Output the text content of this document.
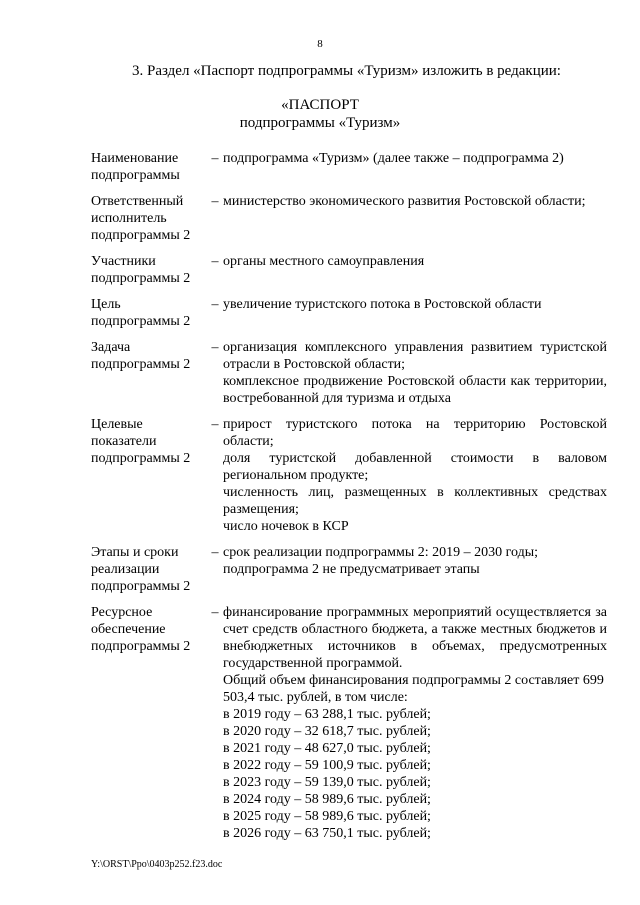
8
3. Раздел «Паспорт подпрограммы «Туризм» изложить в редакции:
«ПАСПОРТ
подпрограммы «Туризм»
Наименование
подпрограммы
– подпрограмма «Туризм» (далее также – подпрограмма 2)
Ответственный
исполнитель
подпрограммы 2
– министерство экономического развития Ростовской области;
Участники
подпрограммы 2
– органы местного самоуправления
Цель
подпрограммы 2
– увеличение туристского потока в Ростовской области
Задача
подпрограммы 2
– организация комплексного управления развитием туристской отрасли в Ростовской области;
комплексное продвижение Ростовской области как территории, востребованной для туризма и отдыха
Целевые
показатели
подпрограммы 2
– прирост туристского потока на территорию Ростовской области;
доля туристской добавленной стоимости в валовом региональном продукте;
численность лиц, размещенных в коллективных средствах размещения;
число ночевок в КСР
Этапы и сроки
реализации
подпрограммы 2
– срок реализации подпрограммы 2: 2019 – 2030 годы;
подпрограмма 2 не предусматривает этапы
Ресурсное
обеспечение
подпрограммы 2
– финансирование программных мероприятий осуществляется за счет средств областного бюджета, а также местных бюджетов и внебюджетных источников в объемах, предусмотренных государственной программой.
Общий объем финансирования подпрограммы 2 составляет 699 503,4 тыс. рублей, в том числе:
в 2019 году – 63 288,1 тыс. рублей;
в 2020 году – 32 618,7 тыс. рублей;
в 2021 году – 48 627,0 тыс. рублей;
в 2022 году – 59 100,9 тыс. рублей;
в 2023 году – 59 139,0 тыс. рублей;
в 2024 году – 58 989,6 тыс. рублей;
в 2025 году – 58 989,6 тыс. рублей;
в 2026 году – 63 750,1 тыс. рублей;
Y:\ORST\Ppo\0403p252.f23.doc
